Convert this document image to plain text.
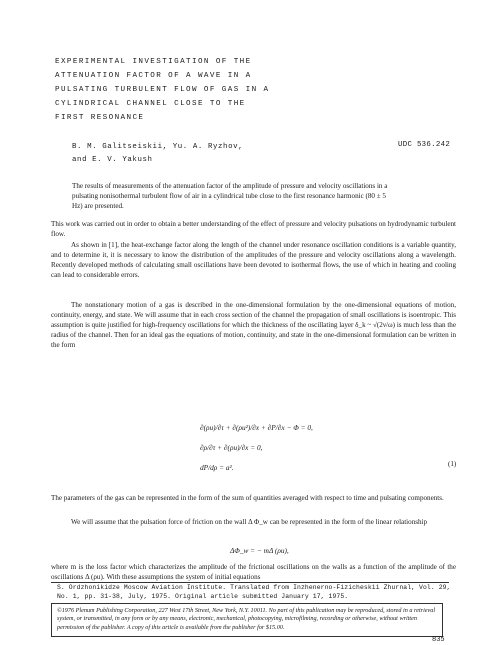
EXPERIMENTAL INVESTIGATION OF THE
ATTENUATION FACTOR OF A WAVE IN A
PULSATING TURBULENT FLOW OF GAS IN A
CYLINDRICAL CHANNEL CLOSE TO THE
FIRST RESONANCE
B. M. Galitseiskii, Yu. A. Ryzhov,
and E. V. Yakush
UDC 536.242
The results of measurements of the attenuation factor of the amplitude of pressure and velocity oscillations in a pulsating nonisothermal turbulent flow of air in a cylindrical tube close to the first resonance harmonic (80 ± 5 Hz) are presented.
This work was carried out in order to obtain a better understanding of the effect of pressure and velocity pulsations on hydrodynamic turbulent flow.
As shown in [1], the heat-exchange factor along the length of the channel under resonance oscillation conditions is a variable quantity, and to determine it, it is necessary to know the distribution of the amplitudes of the pressure and velocity oscillations along a wavelength. Recently developed methods of calculating small oscillations have been devoted to isothermal flows, the use of which in heating and cooling can lead to considerable errors.
The nonstationary motion of a gas is described in the one-dimensional formulation by the one-dimensional equations of motion, continuity, energy, and state. We will assume that in each cross section of the channel the propagation of small oscillations is isoentropic. This assumption is quite justified for high-frequency oscillations for which the thickness of the oscillating layer δ_k ~ √(2ν/ω) is much less than the radius of the channel. Then for an ideal gas the equations of motion, continuity, and state in the one-dimensional formulation can be written in the form
∂(ρu)/∂τ + ∂(ρu²)/∂x + ∂P/∂x − Φ = 0,
∂ρ/∂τ + ∂(ρu)/∂x = 0,
dP/dρ = a².	(1)
The parameters of the gas can be represented in the form of the sum of quantities averaged with respect to time and pulsating components.
We will assume that the pulsation force of friction on the wall Δ Φ_w can be represented in the form of the linear relationship
ΔΦ_w = − mΔ (ρu),
where m is the loss factor which characterizes the amplitude of the frictional oscillations on the walls as a function of the amplitude of the oscillations Δ (ρu). With these assumptions the system of initial equations
S. Ordzhonikidze Moscow Aviation Institute. Translated from Inzhenerno-Fizicheskii Zhurnal, Vol. 29, No. 1, pp. 31-38, July, 1975. Original article submitted January 17, 1975.
©1976 Plenum Publishing Corporation, 227 West 17th Street, New York, N.Y. 10011. No part of this publication may be reproduced, stored in a retrieval system, or transmitted, in any form or by any means, electronic, mechanical, photocopying, microfilming, recording or otherwise, without written permission of the publisher. A copy of this article is available from the publisher for $15.00.
835
